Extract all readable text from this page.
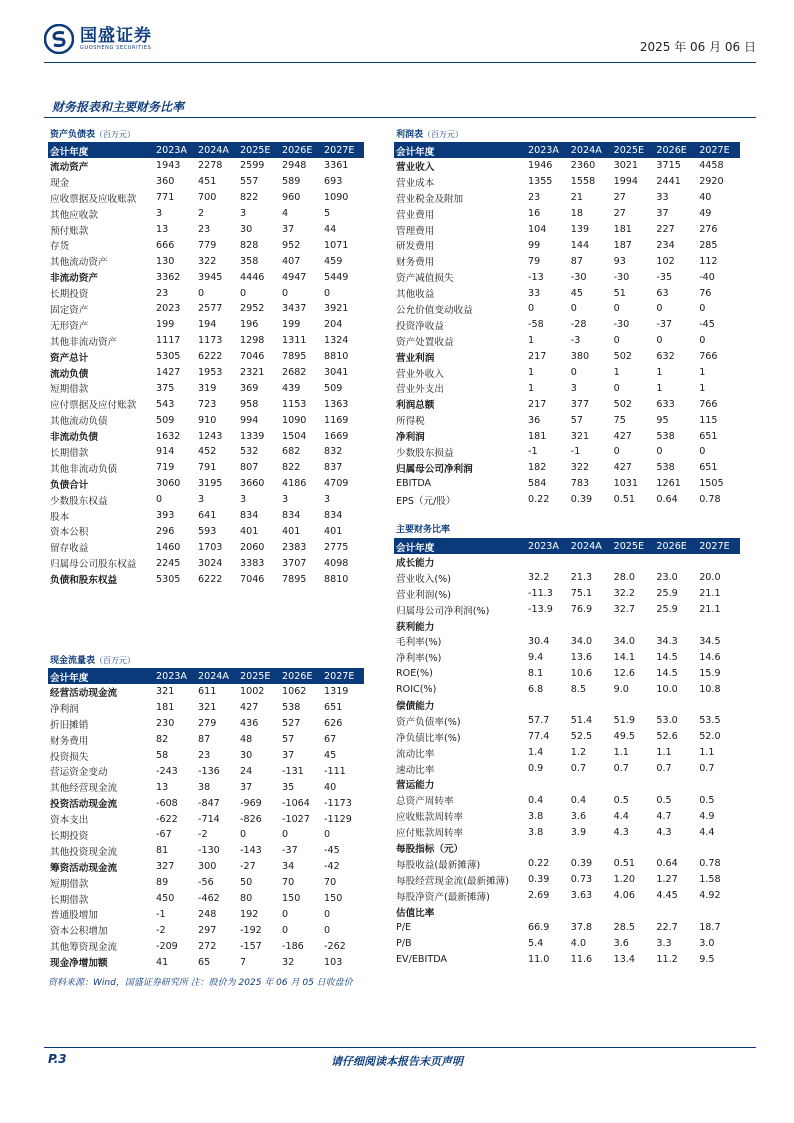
国盛证券
GUOSHENG SECURITIES	2025 年 06 月 06 日
财务报表和主要财务比率
资产负债表（百万元）
会计年度	2023A	2024A	2025E	2026E	2027E
流动资产	1943	2278	2599	2948	3361
现金	360	451	557	589	693
应收票据及应收账款	771	700	822	960	1090
其他应收款	3	2	3	4	5
预付账款	13	23	30	37	44
存货	666	779	828	952	1071
其他流动资产	130	322	358	407	459
非流动资产	3362	3945	4446	4947	5449
长期投资	23	0	0	0	0
固定资产	2023	2577	2952	3437	3921
无形资产	199	194	196	199	204
其他非流动资产	1117	1173	1298	1311	1324
资产总计	5305	6222	7046	7895	8810
流动负债	1427	1953	2321	2682	3041
短期借款	375	319	369	439	509
应付票据及应付账款	543	723	958	1153	1363
其他流动负债	509	910	994	1090	1169
非流动负债	1632	1243	1339	1504	1669
长期借款	914	452	532	682	832
其他非流动负债	719	791	807	822	837
负债合计	3060	3195	3660	4186	4709
少数股东权益	0	3	3	3	3
股本	393	641	834	834	834
资本公积	296	593	401	401	401
留存收益	1460	1703	2060	2383	2775
归属母公司股东权益	2245	3024	3383	3707	4098
负债和股东权益	5305	6222	7046	7895	8810
现金流量表（百万元）
会计年度	2023A	2024A	2025E	2026E	2027E
经营活动现金流	321	611	1002	1062	1319
净利润	181	321	427	538	651
折旧摊销	230	279	436	527	626
财务费用	82	87	48	57	67
投资损失	58	23	30	37	45
营运资金变动	-243	-136	24	-131	-111
其他经营现金流	13	38	37	35	40
投资活动现金流	-608	-847	-969	-1064	-1173
资本支出	-622	-714	-826	-1027	-1129
长期投资	-67	-2	0	0	0
其他投资现金流	81	-130	-143	-37	-45
筹资活动现金流	327	300	-27	34	-42
短期借款	89	-56	50	70	70
长期借款	450	-462	80	150	150
普通股增加	-1	248	192	0	0
资本公积增加	-2	297	-192	0	0
其他筹资现金流	-209	272	-157	-186	-262
现金净增加额	41	65	7	32	103
利润表（百万元）
会计年度	2023A	2024A	2025E	2026E	2027E
营业收入	1946	2360	3021	3715	4458
营业成本	1355	1558	1994	2441	2920
营业税金及附加	23	21	27	33	40
营业费用	16	18	27	37	49
管理费用	104	139	181	227	276
研发费用	99	144	187	234	285
财务费用	79	87	93	102	112
资产减值损失	-13	-30	-30	-35	-40
其他收益	33	45	51	63	76
公允价值变动收益	0	0	0	0	0
投资净收益	-58	-28	-30	-37	-45
资产处置收益	1	-3	0	0	0
营业利润	217	380	502	632	766
营业外收入	1	0	1	1	1
营业外支出	1	3	0	1	1
利润总额	217	377	502	633	766
所得税	36	57	75	95	115
净利润	181	321	427	538	651
少数股东损益	-1	-1	0	0	0
归属母公司净利润	182	322	427	538	651
EBITDA	584	783	1031	1261	1505
EPS（元/股）	0.22	0.39	0.51	0.64	0.78
主要财务比率
会计年度	2023A	2024A	2025E	2026E	2027E
成长能力
营业收入(%)	32.2	21.3	28.0	23.0	20.0
营业利润(%)	-11.3	75.1	32.2	25.9	21.1
归属母公司净利润(%)	-13.9	76.9	32.7	25.9	21.1
获利能力
毛利率(%)	30.4	34.0	34.0	34.3	34.5
净利率(%)	9.4	13.6	14.1	14.5	14.6
ROE(%)	8.1	10.6	12.6	14.5	15.9
ROIC(%)	6.8	8.5	9.0	10.0	10.8
偿债能力
资产负债率(%)	57.7	51.4	51.9	53.0	53.5
净负债比率(%)	77.4	52.5	49.5	52.6	52.0
流动比率	1.4	1.2	1.1	1.1	1.1
速动比率	0.9	0.7	0.7	0.7	0.7
营运能力
总资产周转率	0.4	0.4	0.5	0.5	0.5
应收账款周转率	3.8	3.6	4.4	4.7	4.9
应付账款周转率	3.8	3.9	4.3	4.3	4.4
每股指标（元）
每股收益(最新摊薄)	0.22	0.39	0.51	0.64	0.78
每股经营现金流(最新摊薄)	0.39	0.73	1.20	1.27	1.58
每股净资产(最新摊薄)	2.69	3.63	4.06	4.45	4.92
估值比率
P/E	66.9	37.8	28.5	22.7	18.7
P/B	5.4	4.0	3.6	3.3	3.0
EV/EBITDA	11.0	11.6	13.4	11.2	9.5
资料来源：Wind，国盛证券研究所 注：股价为 2025 年 06 月 05 日收盘价
P.3	请仔细阅读本报告末页声明
